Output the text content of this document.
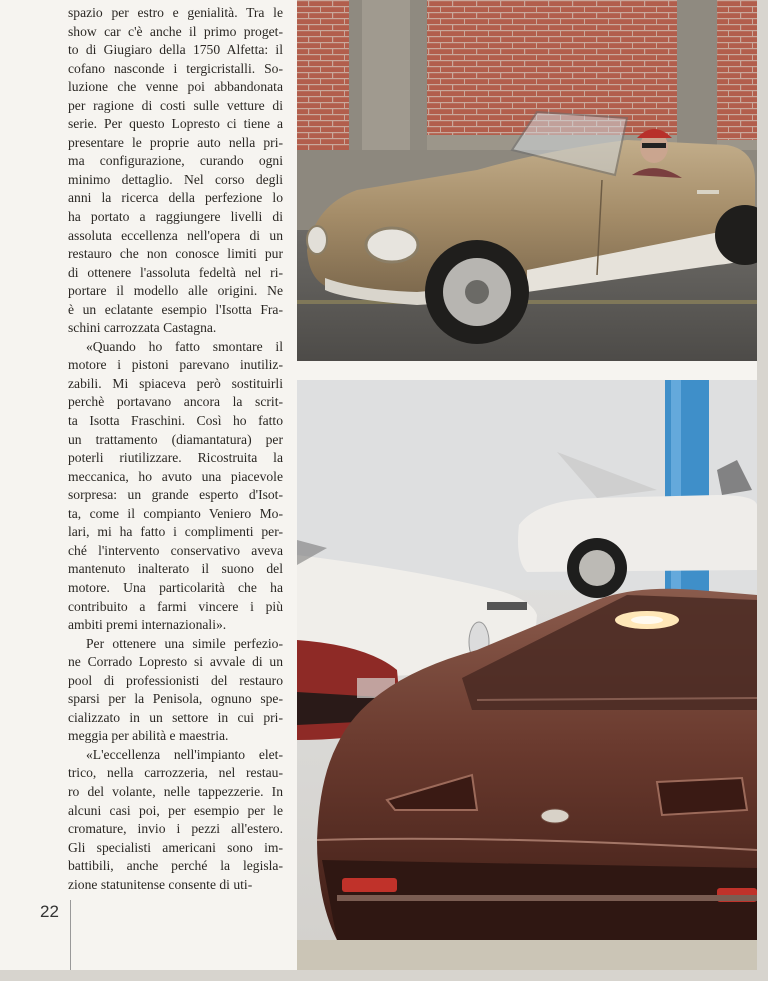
spazio per estro e genialità. Tra le
show car c'è anche il primo proget-
to di Giugiaro della 1750 Alfetta: il
cofano nasconde i tergicristalli. So-
luzione che venne poi abbandonata
per ragione di costi sulle vetture di
serie. Per questo Lopresto ci tiene a
presentare le proprie auto nella pri-
ma configurazione, curando ogni
minimo dettaglio. Nel corso degli
anni la ricerca della perfezione lo
ha portato a raggiungere livelli di
assoluta eccellenza nell'opera di un
restauro che non conosce limiti pur
di ottenere l'assoluta fedeltà nel ri-
portare il modello alle origini. Ne
è un eclatante esempio l'Isotta Fra-
schini carrozzata Castagna.

«Quando ho fatto smontare il
motore i pistoni parevano inutiliz-
zabili. Mi spiaceva però sostituirli
perchè portavano ancora la scrit-
ta Isotta Fraschini. Così ho fatto
un trattamento (diamantatura) per
poterli riutilizzare. Ricostruita la
meccanica, ho avuto una piacevole
sorpresa: un grande esperto d'Isot-
ta, come il compianto Veniero Mo-
lari, mi ha fatto i complimenti per-
ché l'intervento conservativo aveva
mantenuto inalterato il suono del
motore. Una particolarità che ha
contribuito a farmi vincere i più
ambiti premi internazionali».

Per ottenere una simile perfezio-
ne Corrado Lopresto si avvale di un
pool di professionisti del restauro
sparsi per la Penisola, ognuno spe-
cializzato in un settore in cui pri-
meggia per abilità e maestria.

«L'eccellenza nell'impianto elet-
trico, nella carrozzeria, nel restau-
ro del volante, nelle tappezzerie. In
alcuni casi poi, per esempio per le
cromature, invio i pezzi all'estero.
Gli specialisti americani sono im-
battibili, anche perché la legisla-
zione statunitense consente di uti-

22
